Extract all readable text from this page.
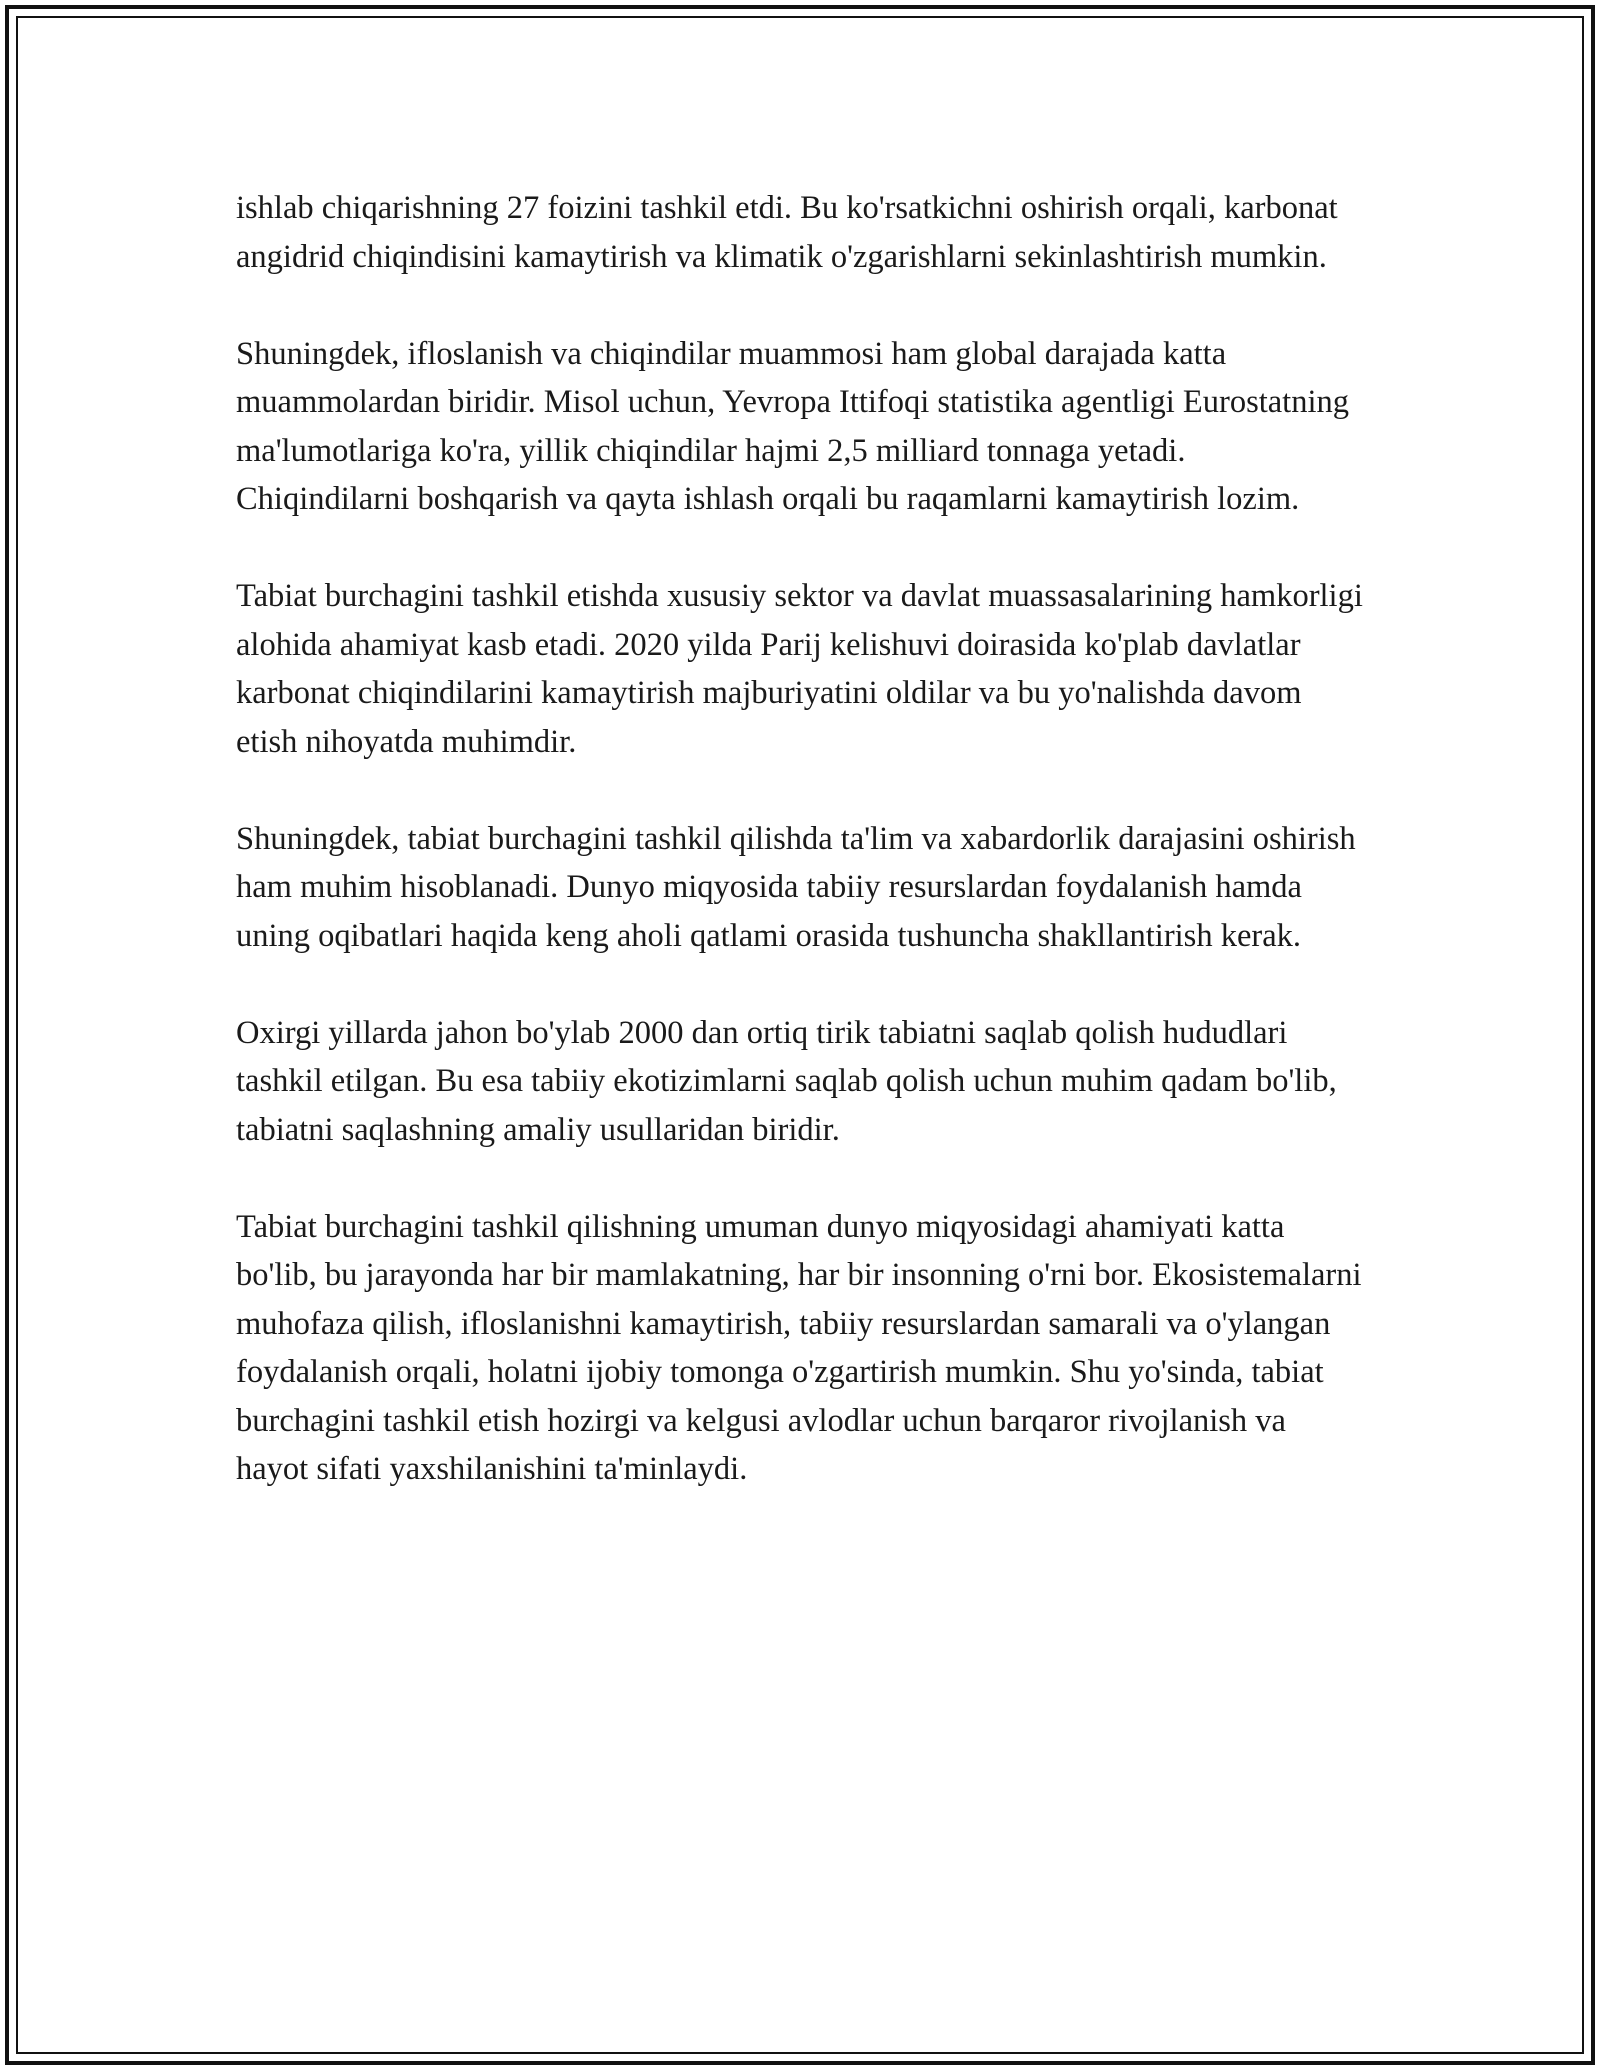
ishlab chiqarishning 27 foizini tashkil etdi. Bu ko'rsatkichni oshirish orqali, karbonat angidrid chiqindisini kamaytirish va klimatik o'zgarishlarni sekinlashtirish mumkin.

Shuningdek, ifloslanish va chiqindilar muammosi ham global darajada katta muammolardan biridir. Misol uchun, Yevropa Ittifoqi statistika agentligi Eurostatning ma'lumotlariga ko'ra, yillik chiqindilar hajmi 2,5 milliard tonnaga yetadi. Chiqindilarni boshqarish va qayta ishlash orqali bu raqamlarni kamaytirish lozim.

Tabiat burchagini tashkil etishda xususiy sektor va davlat muassasalarining hamkorligi alohida ahamiyat kasb etadi. 2020 yilda Parij kelishuvi doirasida ko'plab davlatlar karbonat chiqindilarini kamaytirish majburiyatini oldilar va bu yo'nalishda davom etish nihoyatda muhimdir.

Shuningdek, tabiat burchagini tashkil qilishda ta'lim va xabardorlik darajasini oshirish ham muhim hisoblanadi. Dunyo miqyosida tabiiy resurslardan foydalanish hamda uning oqibatlari haqida keng aholi qatlami orasida tushuncha shakllantirish kerak.

Oxirgi yillarda jahon bo'ylab 2000 dan ortiq tirik tabiatni saqlab qolish hududlari tashkil etilgan. Bu esa tabiiy ekotizimlarni saqlab qolish uchun muhim qadam bo'lib, tabiatni saqlashning amaliy usullaridan biridir.

Tabiat burchagini tashkil qilishning umuman dunyo miqyosidagi ahamiyati katta bo'lib, bu jarayonda har bir mamlakatning, har bir insonning o'rni bor. Ekosistemalarni muhofaza qilish, ifloslanishni kamaytirish, tabiiy resurslardan samarali va o'ylangan foydalanish orqali, holatni ijobiy tomonga o'zgartirish mumkin. Shu yo'sinda, tabiat burchagini tashkil etish hozirgi va kelgusi avlodlar uchun barqaror rivojlanish va hayot sifati yaxshilanishini ta'minlaydi.
